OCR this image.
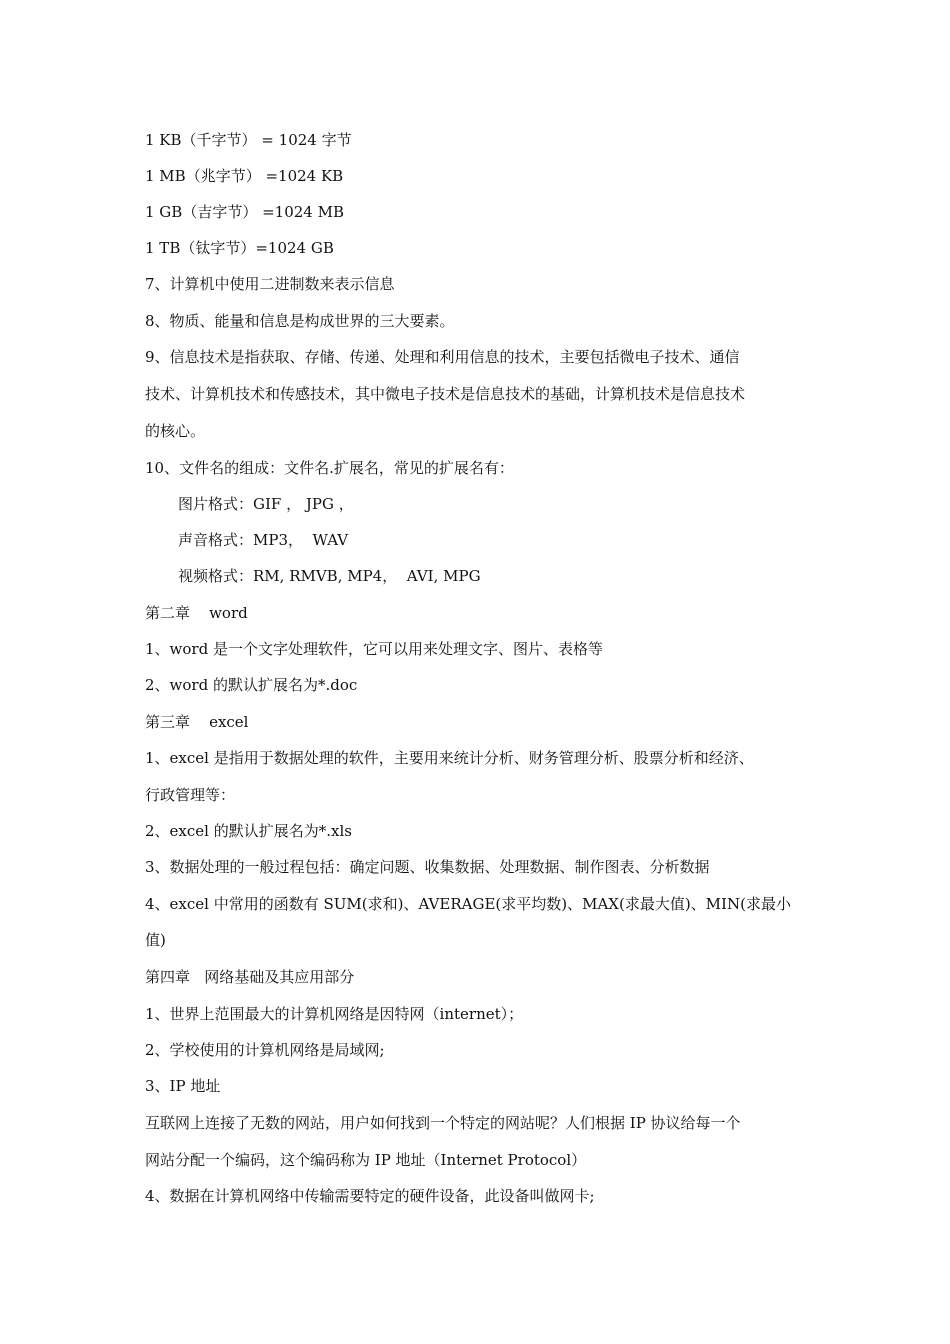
1 KB（千字节） = 1024 字节
1 MB（兆字节） =1024 KB
1 GB（吉字节） =1024 MB
1 TB（钛字节）=1024 GB
7、计算机中使用二进制数来表示信息
8、物质、能量和信息是构成世界的三大要素。
9、信息技术是指获取、存储、传递、处理和利用信息的技术，主要包括微电子技术、通信
技术、计算机技术和传感技术，其中微电子技术是信息技术的基础，计算机技术是信息技术
的核心。
10、文件名的组成：文件名.扩展名，常见的扩展名有：
图片格式：GIF ， JPG ，
声音格式：MP3，  WAV
视频格式：RM, RMVB, MP4，  AVI, MPG
第二章    word
1、word 是一个文字处理软件，它可以用来处理文字、图片、表格等
2、word 的默认扩展名为*.doc
第三章    excel
1、excel 是指用于数据处理的软件，主要用来统计分析、财务管理分析、股票分析和经济、
行政管理等：
2、excel 的默认扩展名为*.xls
3、数据处理的一般过程包括：确定问题、收集数据、处理数据、制作图表、分析数据
4、excel 中常用的函数有 SUM(求和)、AVERAGE(求平均数)、MAX(求最大值)、MIN(求最小
值)
第四章   网络基础及其应用部分
1、世界上范围最大的计算机网络是因特网（internet）；
2、学校使用的计算机网络是局域网;
3、IP 地址
互联网上连接了无数的网站，用户如何找到一个特定的网站呢？人们根据 IP 协议给每一个
网站分配一个编码，这个编码称为 IP 地址（Internet Protocol）
4、数据在计算机网络中传输需要特定的硬件设备，此设备叫做网卡;
